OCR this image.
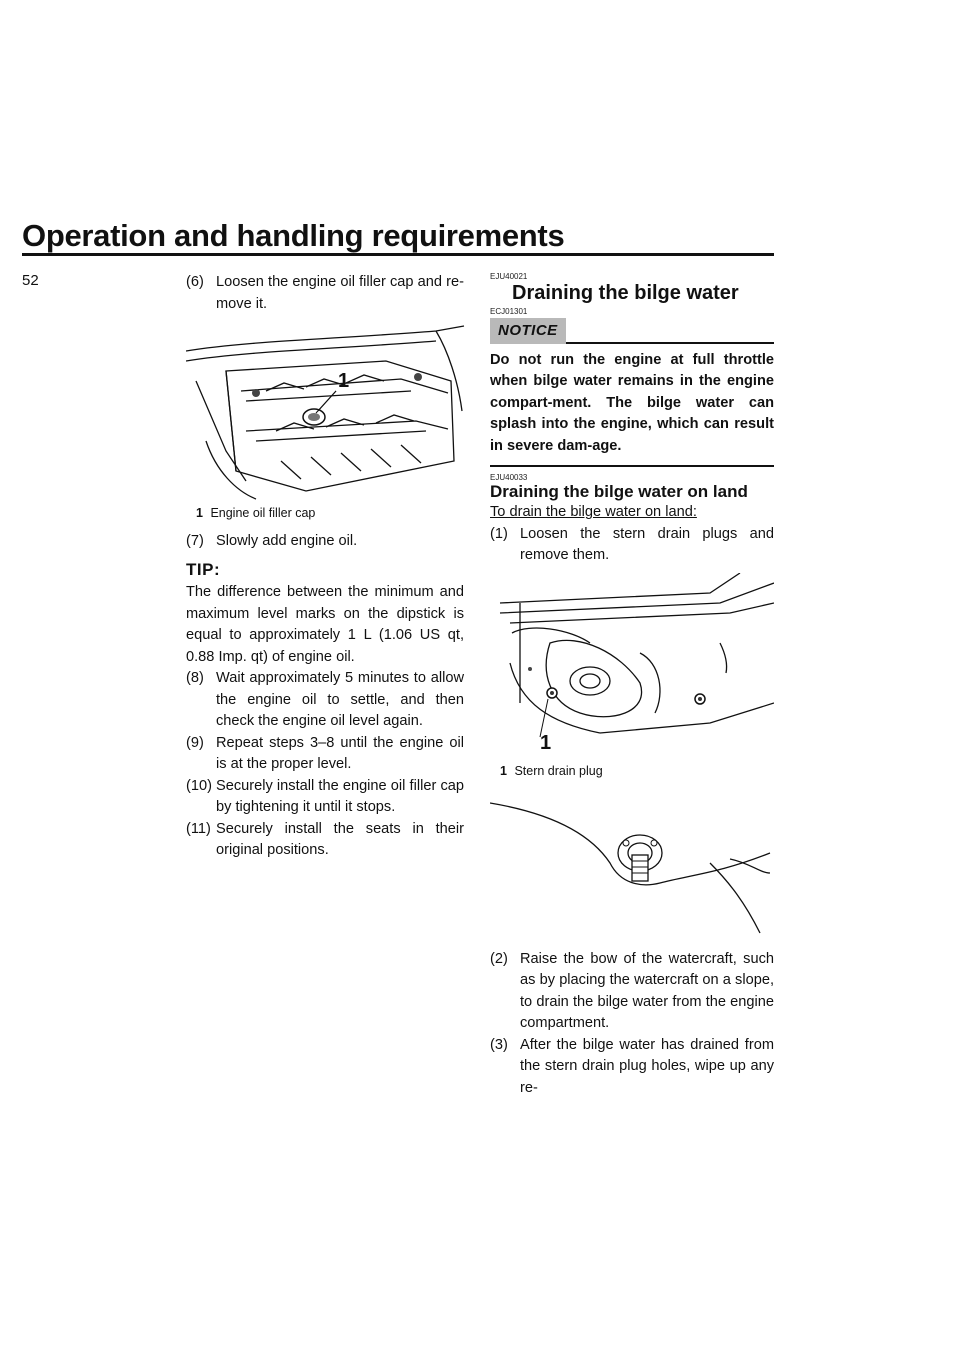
Operation and handling requirements
52	(6) Loosen the engine oil filler cap and re-move it.

1

1 Engine oil filler cap

(7) Slowly add engine oil.

TIP:

The difference between the minimum and maximum level marks on the dipstick is equal to approximately 1 L (1.06 US qt, 0.88 Imp. qt) of engine oil.

(8) Wait approximately 5 minutes to allow the engine oil to settle, and then check the engine oil level again.

(9) Repeat steps 3–8 until the engine oil is at the proper level.

(10) Securely install the engine oil filler cap by tightening it until it stops.

(11) Securely install the seats in their original positions.

EJU40021

Draining the bilge water

ECJ01301

NOTICE

Do not run the engine at full throttle when bilge water remains in the engine compart-ment. The bilge water can splash into the engine, which can result in severe dam-age.

EJU40033

Draining the bilge water on land

To drain the bilge water on land:

(1) Loosen the stern drain plugs and remove them.

1

1 Stern drain plug

(2) Raise the bow of the watercraft, such as by placing the watercraft on a slope, to drain the bilge water from the engine compartment.

(3) After the bilge water has drained from the stern drain plug holes, wipe up any re-
